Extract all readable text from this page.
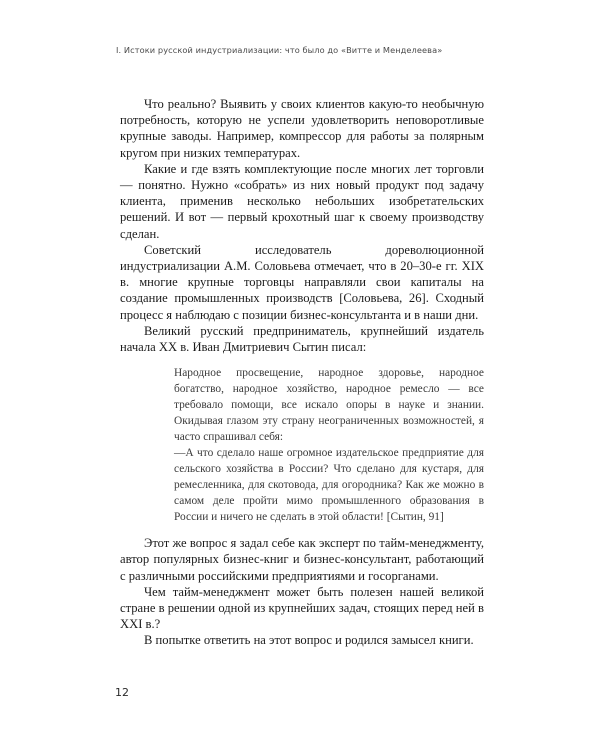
I. Истоки русской индустриализации: что было до «Витте и Менделеева»

Что реально? Выявить у своих клиентов какую-то необычную потребность, которую не успели удовлетворить неповоротливые крупные заводы. Например, компрессор для работы за полярным кругом при низких температурах.

Какие и где взять комплектующие после многих лет торговли — понятно. Нужно «собрать» из них новый продукт под задачу клиента, применив несколько небольших изобретательских решений. И вот — первый крохотный шаг к своему производству сделан.

Советский исследователь дореволюционной индустриализации А.М. Соловьева отмечает, что в 20–30-е гг. XIX в. многие крупные торговцы направляли свои капиталы на создание промышленных производств [Соловьева, 26]. Сходный процесс я наблюдаю с позиции бизнес-консультанта и в наши дни.

Великий русский предприниматель, крупнейший издатель начала XX в. Иван Дмитриевич Сытин писал:

Народное просвещение, народное здоровье, народное богатство, народное хозяйство, народное ремесло — все требовало помощи, все искало опоры в науке и знании. Окидывая глазом эту страну неограниченных возможностей, я часто спрашивал себя:

—А что сделало наше огромное издательское предприятие для сельского хозяйства в России? Что сделано для кустаря, для ремесленника, для скотовода, для огородника? Как же можно в самом деле пройти мимо промышленного образования в России и ничего не сделать в этой области! [Сытин, 91]

Этот же вопрос я задал себе как эксперт по тайм-менеджменту, автор популярных бизнес-книг и бизнес-консультант, работающий с различными российскими предприятиями и госорганами.

Чем тайм-менеджмент может быть полезен нашей великой стране в решении одной из крупнейших задач, стоящих перед ней в XXI в.?

В попытке ответить на этот вопрос и родился замысел книги.

12
